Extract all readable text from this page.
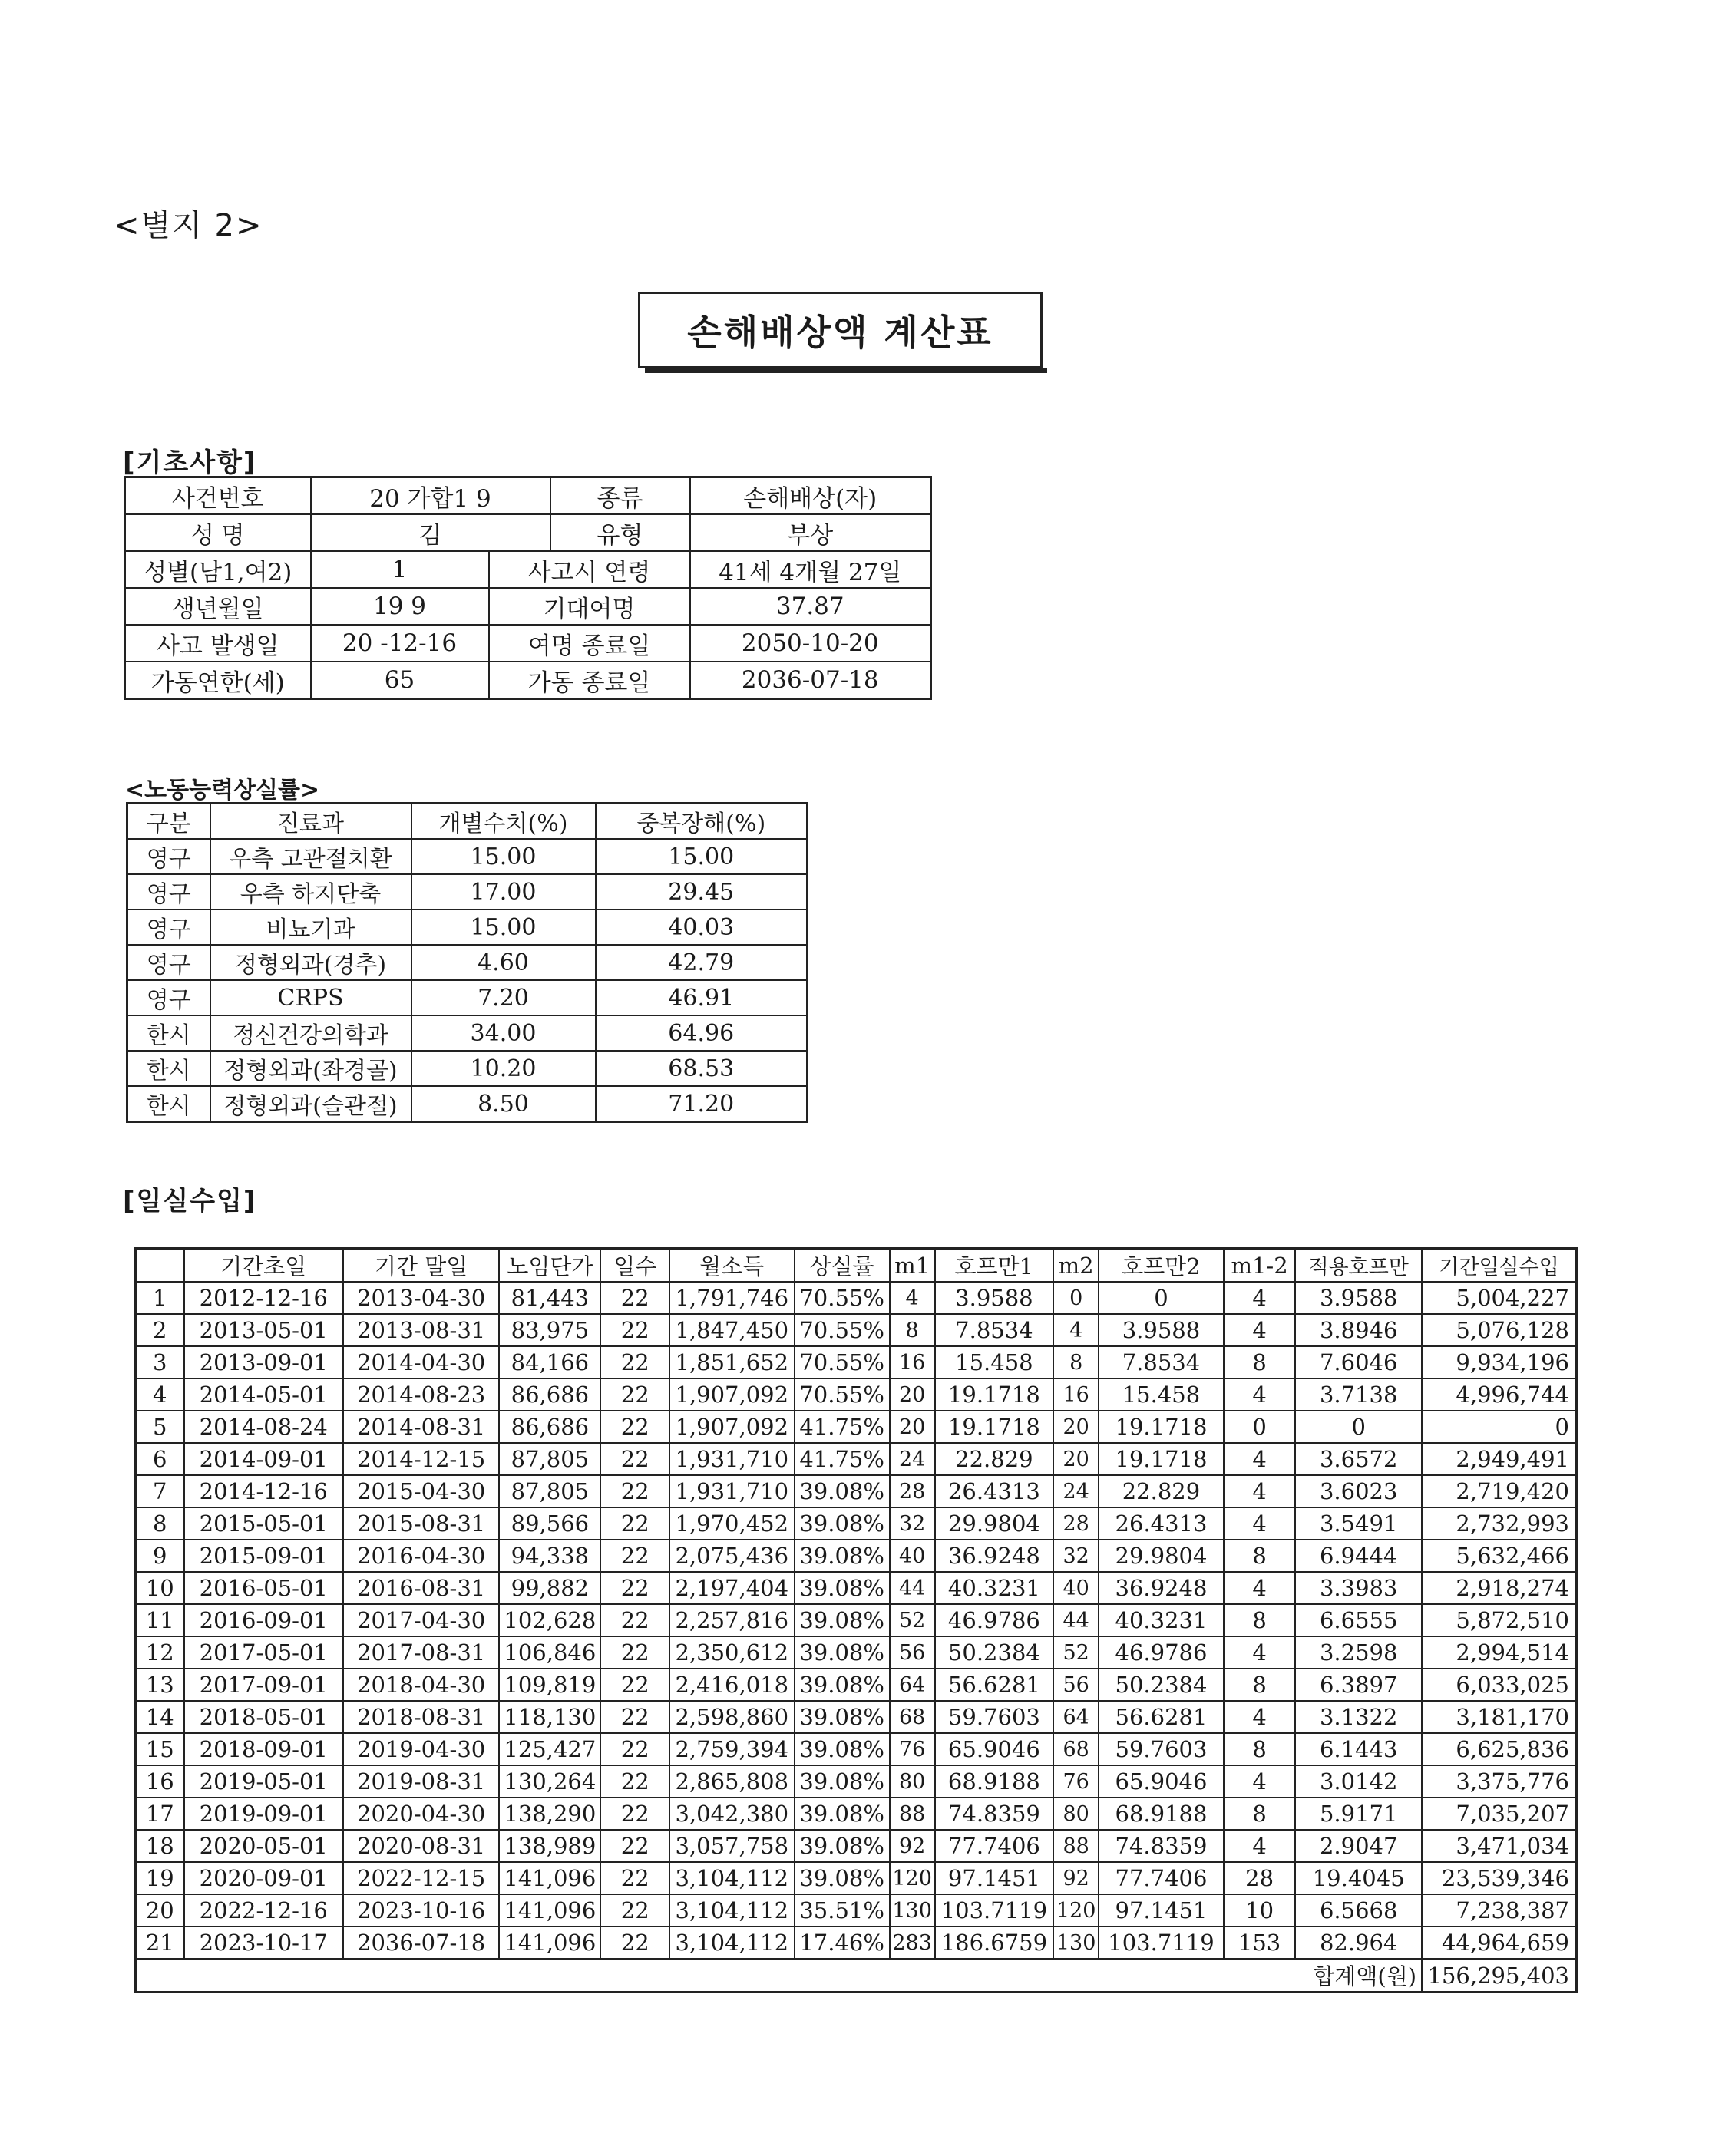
<별지 2>
손해배상액 계산표
[기초사항]
사건번호	20 가합1 9		종류	손해배상(자)
성 명	김		유형	부상
성별(남1,여2)	1	사고시 연령		41세 4개월 27일
생년월일	19 9	기대여명		37.87
사고 발생일	20 -12-16	여명 종료일		2050-10-20
가동연한(세)	65	가동 종료일		2036-07-18
<노동능력상실률>
구분	진료과	개별수치(%)	중복장해(%)
영구	우측 고관절치환	15.00	15.00
영구	우측 하지단축	17.00	29.45
영구	비뇨기과	15.00	40.03
영구	정형외과(경추)	4.60	42.79
영구	CRPS	7.20	46.91
한시	정신건강의학과	34.00	64.96
한시	정형외과(좌경골)	10.20	68.53
한시	정형외과(슬관절)	8.50	71.20
[일실수입]
	기간초일	기간 말일	노임단가	일수	월소득	상실률	m1	호프만1	m2	호프만2	m1-2	적용호프만	기간일실수입
1	2012-12-16	2013-04-30	81,443	22	1,791,746	70.55%	4	3.9588	0	0	4	3.9588	5,004,227
2	2013-05-01	2013-08-31	83,975	22	1,847,450	70.55%	8	7.8534	4	3.9588	4	3.8946	5,076,128
3	2013-09-01	2014-04-30	84,166	22	1,851,652	70.55%	16	15.458	8	7.8534	8	7.6046	9,934,196
4	2014-05-01	2014-08-23	86,686	22	1,907,092	70.55%	20	19.1718	16	15.458	4	3.7138	4,996,744
5	2014-08-24	2014-08-31	86,686	22	1,907,092	41.75%	20	19.1718	20	19.1718	0	0	0
6	2014-09-01	2014-12-15	87,805	22	1,931,710	41.75%	24	22.829	20	19.1718	4	3.6572	2,949,491
7	2014-12-16	2015-04-30	87,805	22	1,931,710	39.08%	28	26.4313	24	22.829	4	3.6023	2,719,420
8	2015-05-01	2015-08-31	89,566	22	1,970,452	39.08%	32	29.9804	28	26.4313	4	3.5491	2,732,993
9	2015-09-01	2016-04-30	94,338	22	2,075,436	39.08%	40	36.9248	32	29.9804	8	6.9444	5,632,466
10	2016-05-01	2016-08-31	99,882	22	2,197,404	39.08%	44	40.3231	40	36.9248	4	3.3983	2,918,274
11	2016-09-01	2017-04-30	102,628	22	2,257,816	39.08%	52	46.9786	44	40.3231	8	6.6555	5,872,510
12	2017-05-01	2017-08-31	106,846	22	2,350,612	39.08%	56	50.2384	52	46.9786	4	3.2598	2,994,514
13	2017-09-01	2018-04-30	109,819	22	2,416,018	39.08%	64	56.6281	56	50.2384	8	6.3897	6,033,025
14	2018-05-01	2018-08-31	118,130	22	2,598,860	39.08%	68	59.7603	64	56.6281	4	3.1322	3,181,170
15	2018-09-01	2019-04-30	125,427	22	2,759,394	39.08%	76	65.9046	68	59.7603	8	6.1443	6,625,836
16	2019-05-01	2019-08-31	130,264	22	2,865,808	39.08%	80	68.9188	76	65.9046	4	3.0142	3,375,776
17	2019-09-01	2020-04-30	138,290	22	3,042,380	39.08%	88	74.8359	80	68.9188	8	5.9171	7,035,207
18	2020-05-01	2020-08-31	138,989	22	3,057,758	39.08%	92	77.7406	88	74.8359	4	2.9047	3,471,034
19	2020-09-01	2022-12-15	141,096	22	3,104,112	39.08%	120	97.1451	92	77.7406	28	19.4045	23,539,346
20	2022-12-16	2023-10-16	141,096	22	3,104,112	35.51%	130	103.7119	120	97.1451	10	6.5668	7,238,387
21	2023-10-17	2036-07-18	141,096	22	3,104,112	17.46%	283	186.6759	130	103.7119	153	82.964	44,964,659
합계액(원)													156,295,403
